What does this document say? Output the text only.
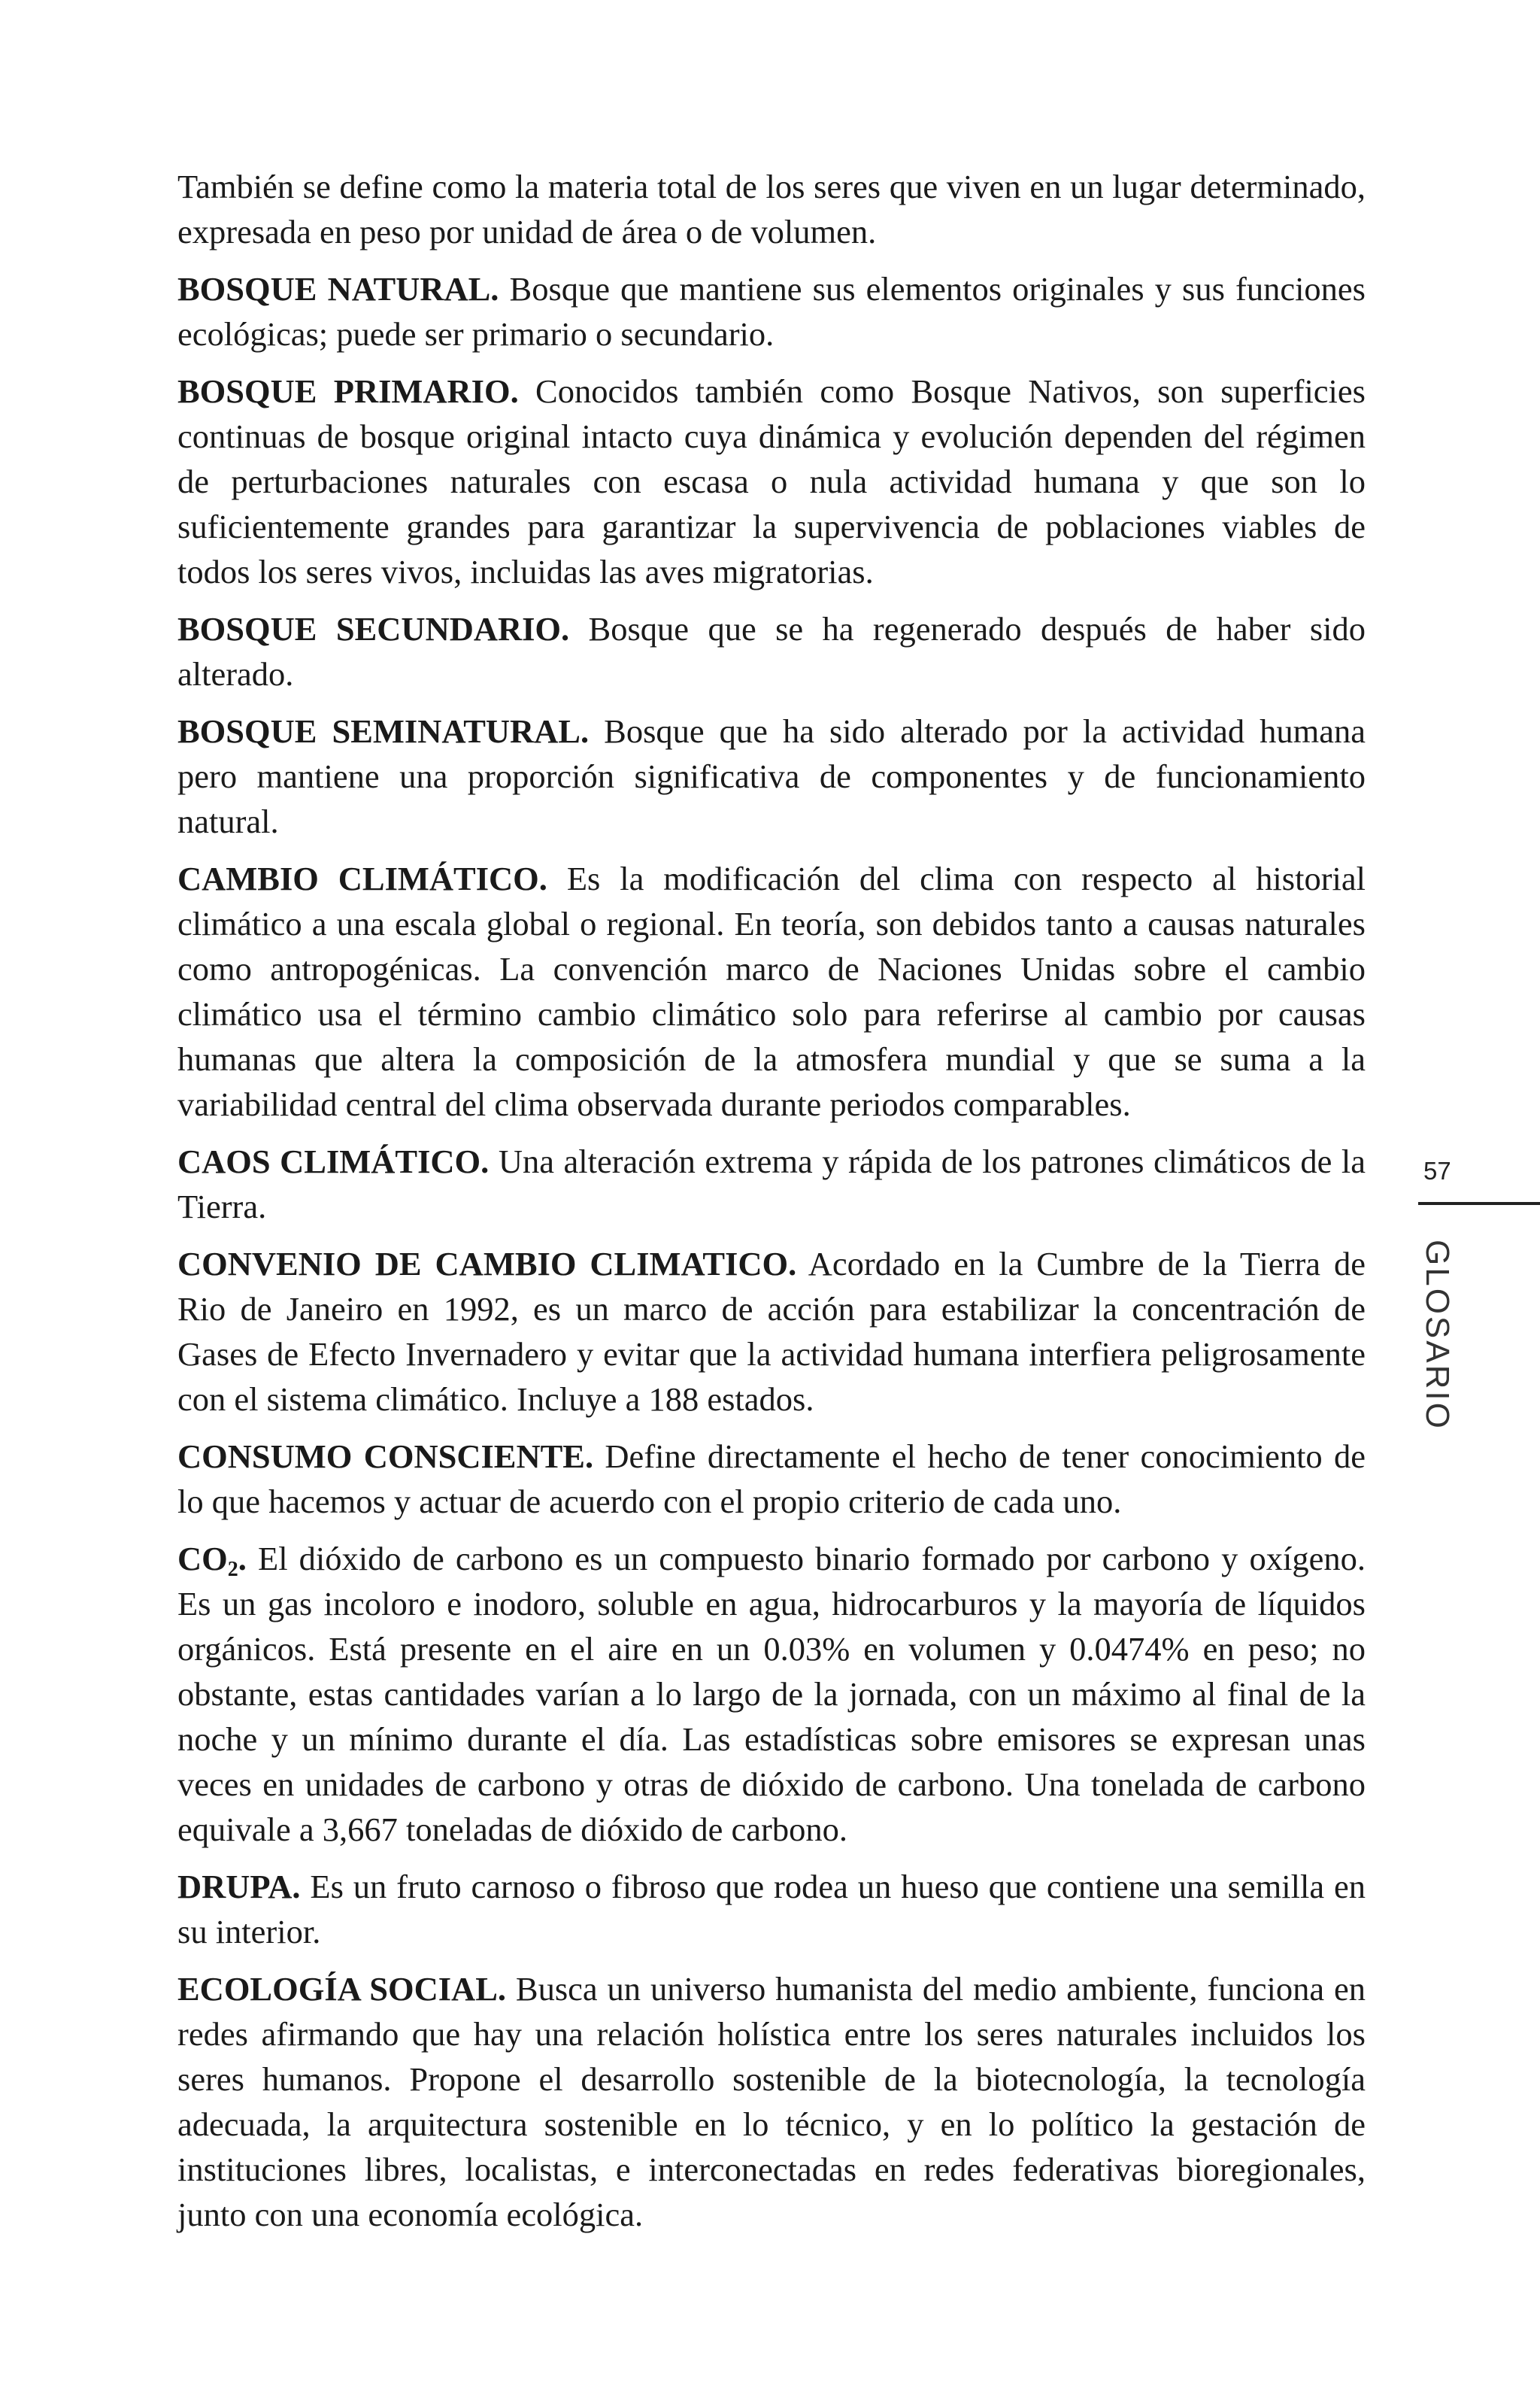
También se define como la materia total de los seres que viven en un lugar determinado, expresada en peso por unidad de área o de volumen.

BOSQUE NATURAL. Bosque que mantiene sus elementos originales y sus funciones ecológicas; puede ser primario o secundario.

BOSQUE PRIMARIO. Conocidos también como Bosque Nativos, son superficies continuas de bosque original intacto cuya dinámica y evolución dependen del régimen de perturbaciones naturales con escasa o nula actividad humana y que son lo suficientemente grandes para garantizar la supervivencia de poblaciones viables de todos los seres vivos, incluidas las aves migratorias.

BOSQUE SECUNDARIO. Bosque que se ha regenerado después de haber sido alterado.

BOSQUE SEMINATURAL. Bosque que ha sido alterado por la actividad humana pero mantiene una proporción significativa de componentes y de funcionamiento natural.

CAMBIO CLIMÁTICO. Es la modificación del clima con respecto al historial climático a una escala global o regional. En teoría, son debidos tanto a causas naturales como antropogénicas. La convención marco de Naciones Unidas sobre el cambio climático usa el término cambio climático solo para referirse al cambio por causas humanas que altera la composición de la atmosfera mundial y que se suma a la variabilidad central del clima observada durante periodos comparables.

CAOS CLIMÁTICO. Una alteración extrema y rápida de los patrones climáticos de la Tierra.

CONVENIO DE CAMBIO CLIMATICO. Acordado en la Cumbre de la Tierra de Rio de Janeiro en 1992, es un marco de acción para estabilizar la concentración de Gases de Efecto Invernadero y evitar que la actividad humana interfiera peligrosamente con el sistema climático. Incluye a 188 estados.

CONSUMO CONSCIENTE. Define directamente el hecho de tener conocimiento de lo que hacemos y actuar de acuerdo con el propio criterio de cada uno.

$CO_2$. El dióxido de carbono es un compuesto binario formado por carbono y oxígeno. Es un gas incoloro e inodoro, soluble en agua, hidrocarburos y la mayoría de líquidos orgánicos. Está presente en el aire en un 0.03% en volumen y 0.0474% en peso; no obstante, estas cantidades varían a lo largo de la jornada, con un máximo al final de la noche y un mínimo durante el día. Las estadísticas sobre emisores se expresan unas veces en unidades de carbono y otras de dióxido de carbono. Una tonelada de carbono equivale a 3,667 toneladas de dióxido de carbono.

DRUPA. Es un fruto carnoso o fibroso que rodea un hueso que contiene una semilla en su interior.

ECOLOGÍA SOCIAL. Busca un universo humanista del medio ambiente, funciona en redes afirmando que hay una relación holística entre los seres naturales incluidos los seres humanos. Propone el desarrollo sostenible de la biotecnología, la tecnología adecuada, la arquitectura sostenible en lo técnico, y en lo político la gestación de instituciones libres, localistas, e interconectadas en redes federativas bioregionales, junto con una economía ecológica.

57
GLOSARIO
